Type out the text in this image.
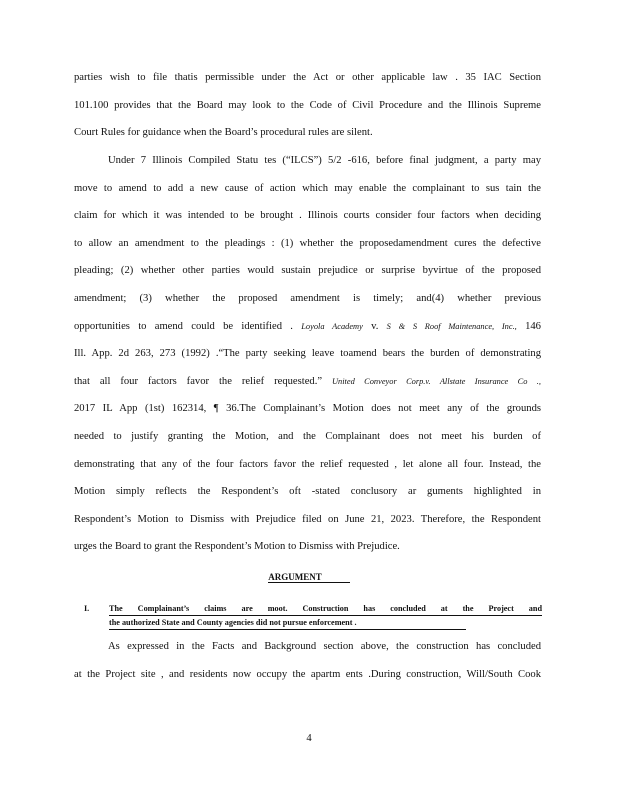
parties wish to file thatis permissible under the Act or other applicable law . 35 IAC Section
101.100 provides that the Board may look to the Code of Civil Procedure and the Illinois Supreme
Court Rules for guidance when the Board’s procedural rules are silent.
Under 7 Illinois Compiled Statu tes (“ILCS”) 5/2 -616, before final judgment, a party may
move to amend to add a new cause of action which may enable the complainant to sus tain the
claim for which it was intended to be brought . Illinois courts consider four factors when deciding
to allow an amendment to the pleadings : (1) whether the proposedamendment cures the defective
pleading; (2) whether other parties would sustain prejudice or surprise byvirtue of the proposed
amendment; (3) whether the proposed amendment is timely; and(4) whether previous
opportunities to amend could be identified . Loyola Academy v. S & S Roof Maintenance, Inc., 146
Ill. App. 2d 263, 273 (1992) .“The party seeking leave toamend bears the burden of demonstrating
that all four factors favor the relief requested.” United Conveyor Corp.v. Allstate Insurance Co .,
2017 IL App (1st) 162314, ¶ 36.The Complainant’s Motion does not meet any of the grounds
needed to justify granting the Motion, and the Complainant does not meet his burden of
demonstrating that any of the four factors favor the relief requested , let alone all four. Instead, the
Motion simply reflects the Respondent’s oft -stated conclusory ar guments highlighted in
Respondent’s Motion to Dismiss with Prejudice filed on June 21, 2023. Therefore, the Respondent
urges the Board to grant the Respondent’s Motion to Dismiss with Prejudice.
ARGUMENT
I. The Complainant’s claims are moot. Construction has concluded at the Project and
the authorized State and County agencies did not pursue enforcement .
As expressed in the Facts and Background section above, the construction has concluded
at the Project site , and residents now occupy the apartm ents .During construction, Will/South Cook
4
